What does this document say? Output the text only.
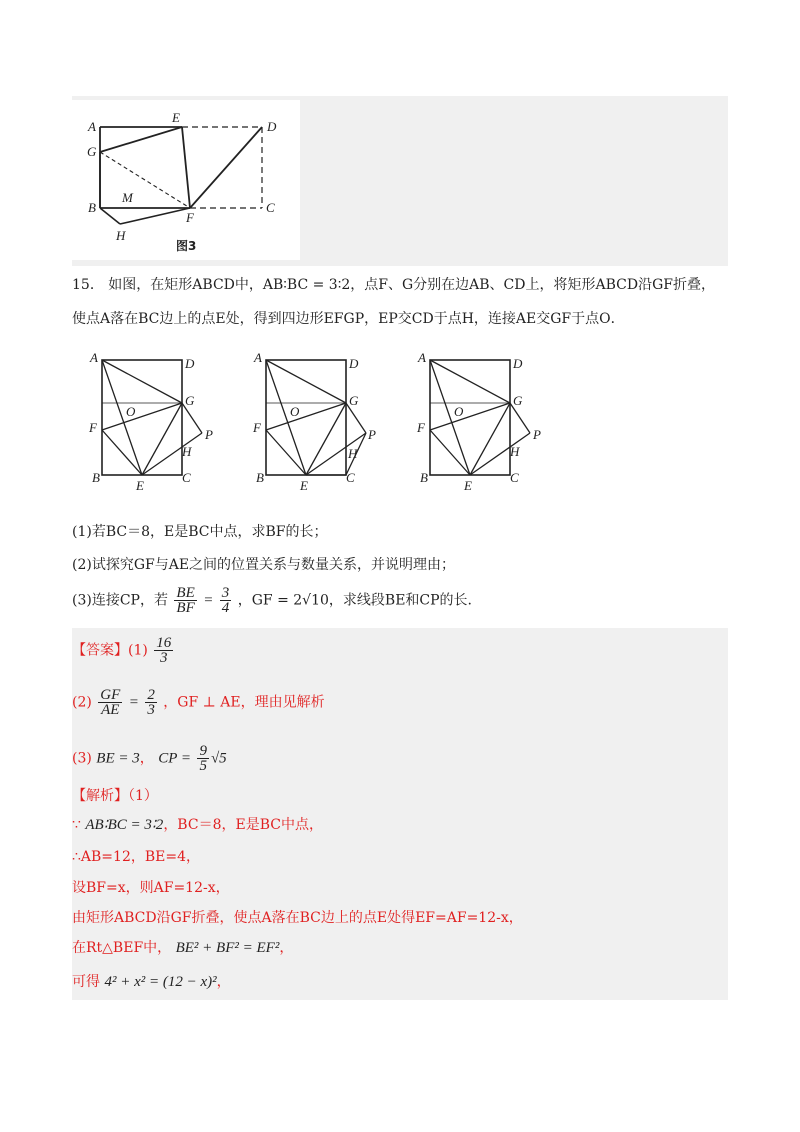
A
E
D
G
B
M
F
C
H
图3
15． 如图，在矩形ABCD中，AB∶BC = 3∶2，点F、G分别在边AB、CD上，将矩形ABCD沿GF折叠，
使点A落在BC边上的点E处，得到四边形EFGP，EP交CD于点H，连接AE交GF于点O．
A	D
G
O
F	P
H
B
E
C
A	D
G
O
F	P
H
B
E
C
A	D
G
O
F	P
H
B
E
C
(1)若BC＝8，E是BC中点，求BF的长；
(2)试探究GF与AE之间的位置关系与数量关系，并说明理由；
(3)连接CP，若 $\frac{BE}{BF} = \frac{3}{4}$ ，GF = 2√10，求线段BE和CP的长.
【答案】$(1) \frac{16}{3}$
$(2) \frac{GF}{AE} = \frac{2}{3}$ ，GF ⊥ AE，理由见解析
(3) BE = 3， CP = $\frac{9}{5} √5$
【解析】（1）
∵ AB∶BC = 3∶2，BC＝8，E是BC中点，
∴AB=12，BE=4，
设BF=x，则AF=12-x，
由矩形ABCD沿GF折叠，使点A落在BC边上的点E处得EF=AF=12-x，
在Rt△BEF中， BE² + BF² = EF²，
可得 4² + x² = (12 − x)²，
